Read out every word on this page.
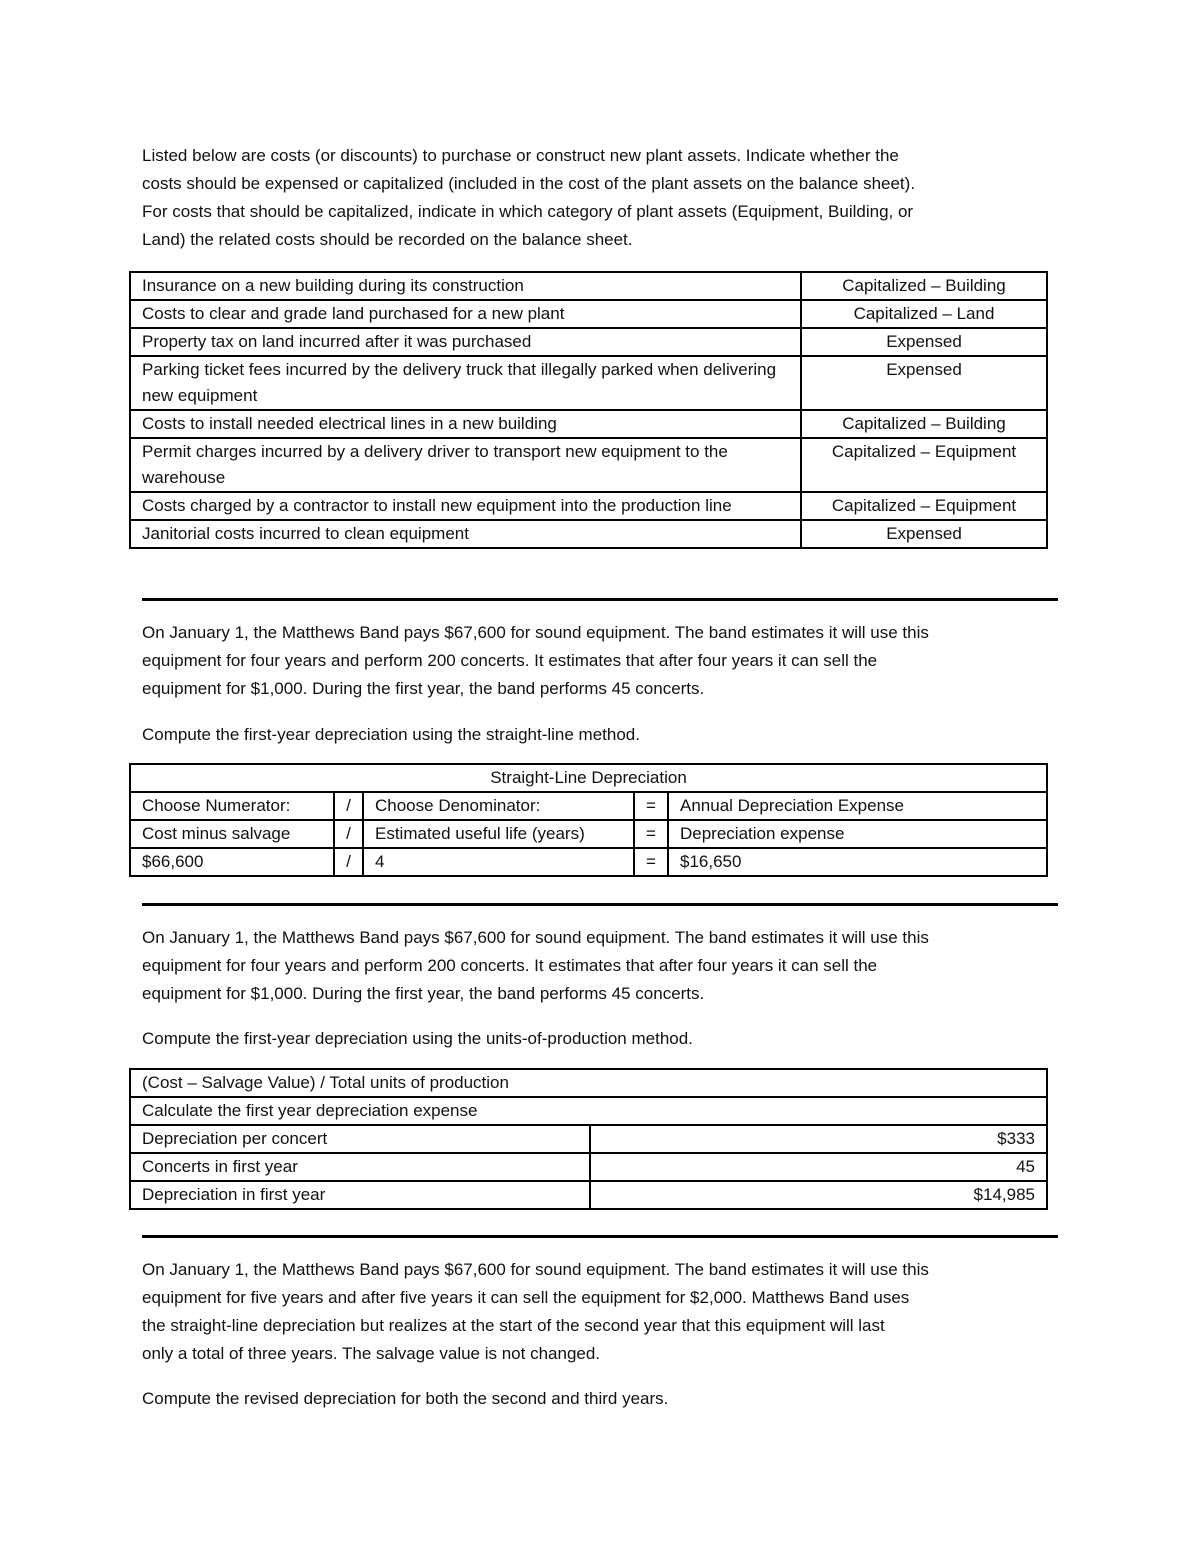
Listed below are costs (or discounts) to purchase or construct new plant assets. Indicate whether the
costs should be expensed or capitalized (included in the cost of the plant assets on the balance sheet).
For costs that should be capitalized, indicate in which category of plant assets (Equipment, Building, or
Land) the related costs should be recorded on the balance sheet.
Insurance on a new building during its construction	Capitalized – Building
Costs to clear and grade land purchased for a new plant	Capitalized – Land
Property tax on land incurred after it was purchased	Expensed
Parking ticket fees incurred by the delivery truck that illegally parked when delivering new equipment	Expensed
Costs to install needed electrical lines in a new building	Capitalized – Building
Permit charges incurred by a delivery driver to transport new equipment to the warehouse	Capitalized – Equipment
Costs charged by a contractor to install new equipment into the production line	Capitalized – Equipment
Janitorial costs incurred to clean equipment	Expensed
On January 1, the Matthews Band pays $67,600 for sound equipment. The band estimates it will use this
equipment for four years and perform 200 concerts. It estimates that after four years it can sell the
equipment for $1,000. During the first year, the band performs 45 concerts.
Compute the first-year depreciation using the straight-line method.
Straight-Line Depreciation				
Choose Numerator:	/	Choose Denominator:	=	Annual Depreciation Expense
Cost minus salvage	/	Estimated useful life (years)	=	Depreciation expense
$66,600	/	4	=	$16,650
On January 1, the Matthews Band pays $67,600 for sound equipment. The band estimates it will use this
equipment for four years and perform 200 concerts. It estimates that after four years it can sell the
equipment for $1,000. During the first year, the band performs 45 concerts.
Compute the first-year depreciation using the units-of-production method.
(Cost – Salvage Value) / Total units of production	
Calculate the first year depreciation expense	
Depreciation per concert	$333
Concerts in first year	45
Depreciation in first year	$14,985
On January 1, the Matthews Band pays $67,600 for sound equipment. The band estimates it will use this
equipment for five years and after five years it can sell the equipment for $2,000. Matthews Band uses
the straight-line depreciation but realizes at the start of the second year that this equipment will last
only a total of three years. The salvage value is not changed.
Compute the revised depreciation for both the second and third years.
